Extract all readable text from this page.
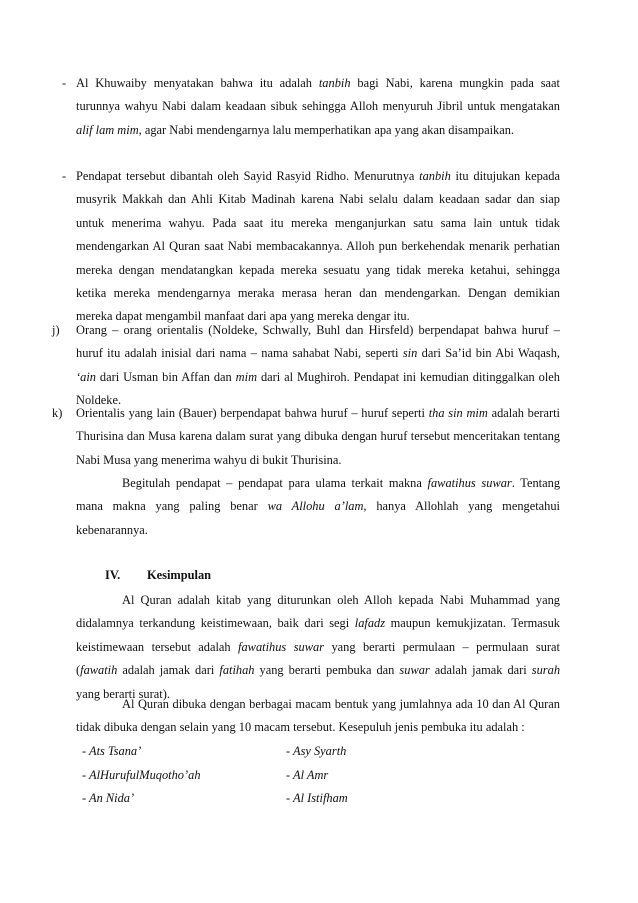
- Al Khuwaiby menyatakan bahwa itu adalah tanbih bagi Nabi, karena mungkin pada saat turunnya wahyu Nabi dalam keadaan sibuk sehingga Alloh menyuruh Jibril untuk mengatakan alif lam mim, agar Nabi mendengarnya lalu memperhatikan apa yang akan disampaikan.

- Pendapat tersebut dibantah oleh Sayid Rasyid Ridho. Menurutnya tanbih itu ditujukan kepada musyrik Makkah dan Ahli Kitab Madinah karena Nabi selalu dalam keadaan sadar dan siap untuk menerima wahyu. Pada saat itu mereka menganjurkan satu sama lain untuk tidak mendengarkan Al Quran saat Nabi membacakannya. Alloh pun berkehendak menarik perhatian mereka dengan mendatangkan kepada mereka sesuatu yang tidak mereka ketahui, sehingga ketika mereka mendengarnya meraka merasa heran dan mendengarkan. Dengan demikian mereka dapat mengambil manfaat dari apa yang mereka dengar itu.

j) Orang – orang orientalis (Noldeke, Schwally, Buhl dan Hirsfeld) berpendapat bahwa huruf – huruf itu adalah inisial dari nama – nama sahabat Nabi, seperti sin dari Sa’id bin Abi Waqash, ‘ain dari Usman bin Affan dan mim dari al Mughiroh. Pendapat ini kemudian ditinggalkan oleh Noldeke.

k) Orientalis yang lain (Bauer) berpendapat bahwa huruf – huruf seperti tha sin mim adalah berarti Thurisina dan Musa karena dalam surat yang dibuka dengan huruf tersebut menceritakan tentang Nabi Musa yang menerima wahyu di bukit Thurisina.

Begitulah pendapat – pendapat para ulama terkait makna fawatihus suwar. Tentang mana makna yang paling benar wa Allohu a’lam, hanya Allohlah yang mengetahui kebenarannya.

IV. Kesimpulan

Al Quran adalah kitab yang diturunkan oleh Alloh kepada Nabi Muhammad yang didalamnya terkandung keistimewaan, baik dari segi lafadz maupun kemukjizatan. Termasuk keistimewaan tersebut adalah fawatihus suwar yang berarti permulaan – permulaan surat (fawatih adalah jamak dari fatihah yang berarti pembuka dan suwar adalah jamak dari surah yang berarti surat).

Al Quran dibuka dengan berbagai macam bentuk yang jumlahnya ada 10 dan Al Quran tidak dibuka dengan selain yang 10 macam tersebut. Kesepuluh jenis pembuka itu adalah :

- Ats Tsana’	- Asy Syarth
- AlHurufulMuqotho’ah	- Al Amr
- An Nida’	- Al Istifham
